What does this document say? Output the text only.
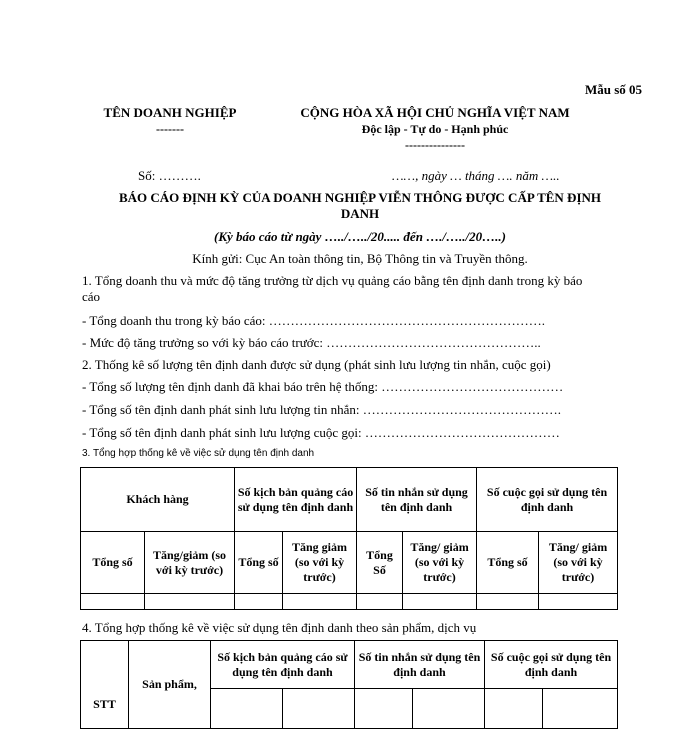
Mẫu số 05
TÊN DOANH NGHIỆP
-------
CỘNG HÒA XÃ HỘI CHỦ NGHĨA VIỆT NAM
Độc lập - Tự do - Hạnh phúc
---------------
Số: ……….	……, ngày … tháng …. năm …..
BÁO CÁO ĐỊNH KỲ CỦA DOANH NGHIỆP VIỄN THÔNG ĐƯỢC CẤP TÊN ĐỊNH
DANH
(Kỳ báo cáo từ ngày …../…../20..... đến …./…../20…..)
Kính gửi: Cục An toàn thông tin, Bộ Thông tin và Truyền thông.
1. Tổng doanh thu và mức độ tăng trưởng từ dịch vụ quảng cáo bằng tên định danh trong kỳ báo
cáo
- Tổng doanh thu trong kỳ báo cáo: ……………………………………………………….
- Mức độ tăng trưởng so với kỳ báo cáo trước: …………………………………………..
2. Thống kê số lượng tên định danh được sử dụng (phát sinh lưu lượng tin nhắn, cuộc gọi)
- Tổng số lượng tên định danh đã khai báo trên hệ thống: ……………………………………
- Tổng số tên định danh phát sinh lưu lượng tin nhắn: ……………………………………….
- Tổng số tên định danh phát sinh lưu lượng cuộc gọi: ………………………………………
3. Tổng hợp thống kê về việc sử dụng tên định danh
Khách hàng		Số kịch bản quảng cáo sử dụng tên định danh		Số tin nhắn sử dụng tên định danh		Số cuộc gọi sử dụng tên định danh	
Tổng số	Tăng/giảm (so với kỳ trước)	Tổng số	Tăng giảm (so với kỳ trước)	Tổng Số	Tăng/ giảm (so với kỳ trước)	Tổng số	Tăng/ giảm (so với kỳ trước)

4. Tổng hợp thống kê về việc sử dụng tên định danh theo sản phẩm, dịch vụ
STT	Sản phẩm,	Số kịch bản quảng cáo sử dụng tên định danh		Số tin nhắn sử dụng tên định danh		Số cuộc gọi sử dụng tên định danh	
